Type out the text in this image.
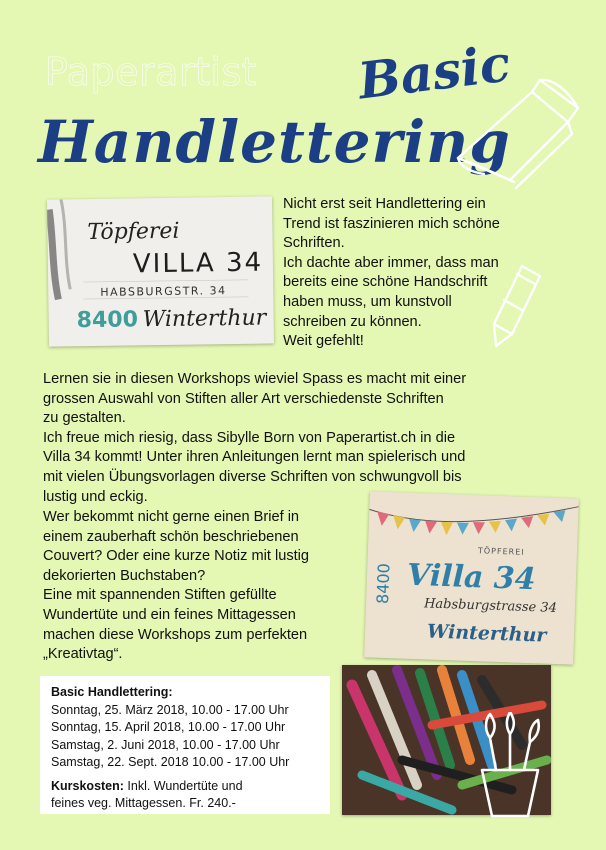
Paperartist Basic
Handlettering
Töpferei
VILLA 34
HABSBURGSTR. 34
8400 Winterthur
TÖPFEREI
Villa 34
Habsburgstrasse 34
8400
Winterthur

Nicht erst seit Handlettering ein
Trend ist faszinieren mich schöne
Schriften.
Ich dachte aber immer, dass man
bereits eine schöne Handschrift
haben muss, um kunstvoll
schreiben zu können.
Weit gefehlt!

Lernen sie in diesen Workshops wieviel Spass es macht mit einer
grossen Auswahl von Stiften aller Art verschiedenste Schriften
zu gestalten.
Ich freue mich riesig, dass Sibylle Born von Paperartist.ch in die
Villa 34 kommt! Unter ihren Anleitungen lernt man spielerisch und
mit vielen Übungsvorlagen diverse Schriften von schwungvoll bis
lustig und eckig.

Wer bekommt nicht gerne einen Brief in
einem zauberhaft schön beschriebenen
Couvert? Oder eine kurze Notiz mit lustig
dekorierten Buchstaben?
Eine mit spannenden Stiften gefüllte
Wundertüte und ein feines Mittagessen
machen diese Workshops zum perfekten
„Kreativtag“.

Basic Handlettering:
Sonntag, 25. März 2018, 10.00 - 17.00 Uhr
Sonntag, 15. April 2018, 10.00 - 17.00 Uhr
Samstag, 2. Juni 2018, 10.00 - 17.00 Uhr
Samstag, 22. Sept. 2018 10.00 - 17.00 Uhr
Kurskosten: Inkl. Wundertüte und
feines veg. Mittagessen. Fr. 240.-
